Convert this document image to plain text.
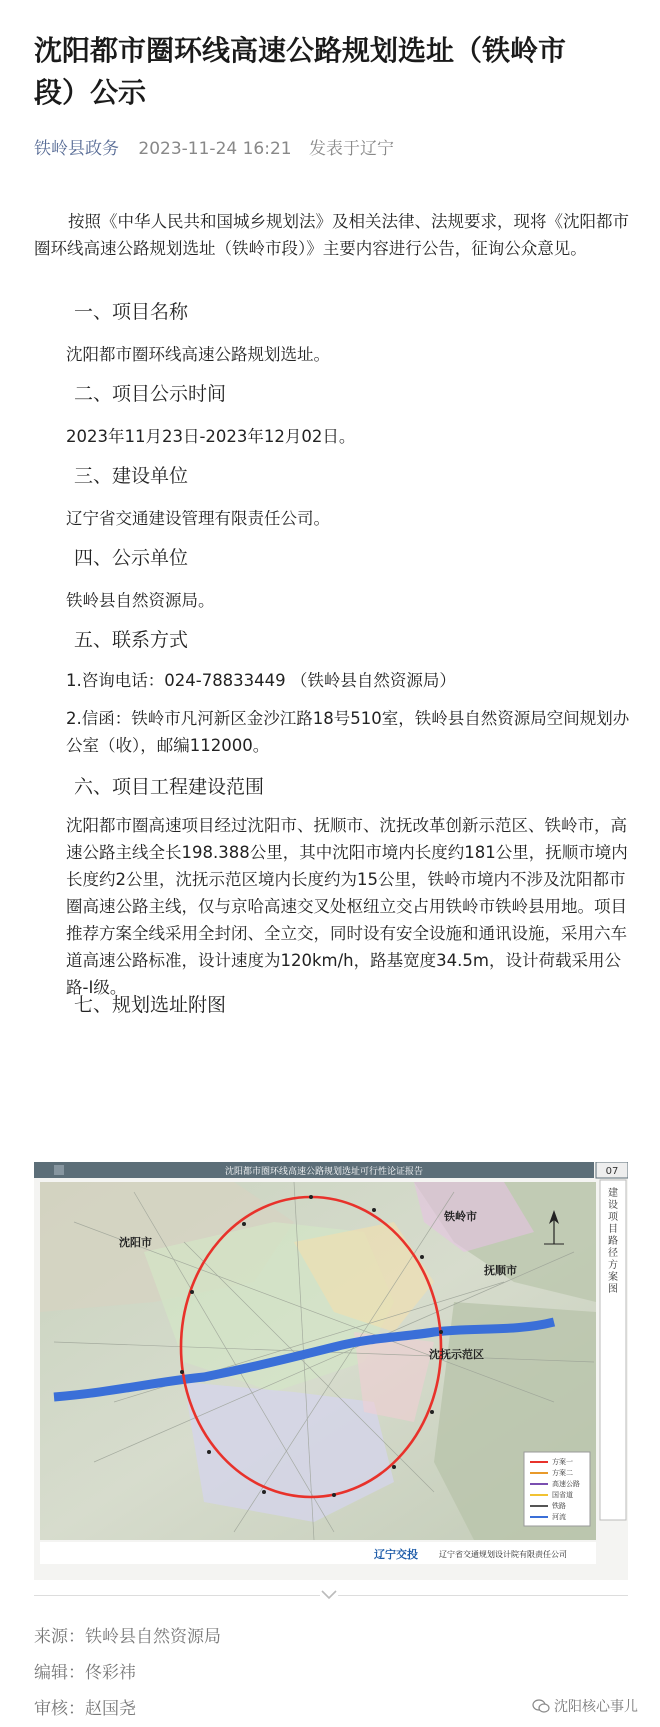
沈阳都市圈环线高速公路规划选址（铁岭市
段）公示
铁岭县政务 2023-11-24 16:21 发表于辽宁

按照《中华人民共和国城乡规划法》及相关法律、法规要求，现将《沈阳都市圈环线高速公路规划选址（铁岭市段）》主要内容进行公告，征询公众意见。

一、项目名称

沈阳都市圈环线高速公路规划选址。

二、项目公示时间

2023年11月23日-2023年12月02日。

三、建设单位

辽宁省交通建设管理有限责任公司。

四、公示单位

铁岭县自然资源局。

五、联系方式

1.咨询电话：024-78833449 （铁岭县自然资源局）

2.信函：铁岭市凡河新区金沙江路18号510室，铁岭县自然资源局空间规划办公室（收），邮编112000。

六、项目工程建设范围

沈阳都市圈高速项目经过沈阳市、抚顺市、沈抚改革创新示范区、铁岭市，高速公路主线全长198.388公里，其中沈阳市境内长度约181公里，抚顺市境内长度约2公里，沈抚示范区境内长度约为15公里，铁岭市境内不涉及沈阳都市圈高速公路主线，仅与京哈高速交叉处枢纽立交占用铁岭市铁岭县用地。项目推荐方案全线采用全封闭、全立交，同时设有安全设施和通讯设施，采用六车道高速公路标准，设计速度为120km/h，路基宽度34.5m，设计荷载采用公路-Ⅰ级。

七、规划选址附图
沈阳都市圈环线高速公路规划选址可行性论证报告	07
建
设
项
目
路
径
方
案
图
沈阳市
铁岭市
抚顺市
沈抚示范区
方案一
方案二
高速公路
国省道
铁路
河流
辽宁交投	辽宁省交通规划设计院有限责任公司
来源：铁岭县自然资源局
编辑：佟彩祎
审核：赵国尧	沈阳核心事儿
